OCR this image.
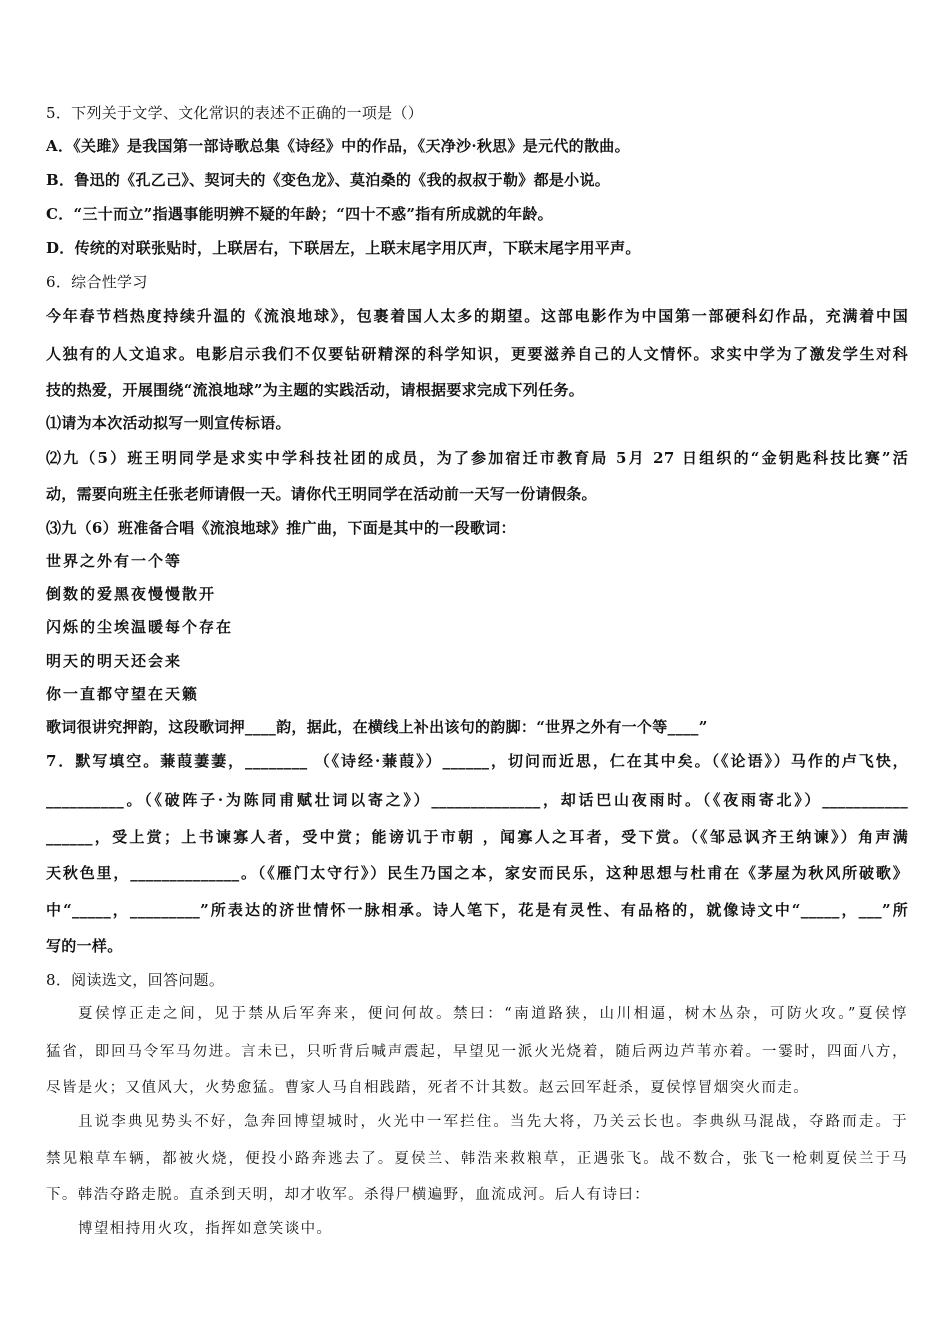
5．下列关于文学、文化常识的表述不正确的一项是（）

A．《关雎》是我国第一部诗歌总集《诗经》中的作品，《天净沙·秋思》是元代的散曲。

B．鲁迅的《孔乙己》、契诃夫的《变色龙》、莫泊桑的《我的叔叔于勒》都是小说。

C．“三十而立”指遇事能明辨不疑的年龄；“四十不惑”指有所成就的年龄。

D．传统的对联张贴时，上联居右，下联居左，上联末尾字用仄声，下联末尾字用平声。

6．综合性学习

今年春节档热度持续升温的《流浪地球》，包裹着国人太多的期望。这部电影作为中国第一部硬科幻作品，充满着中国

人独有的人文追求。电影启示我们不仅要钻研精深的科学知识，更要滋养自己的人文情怀。求实中学为了激发学生对科

技的热爱，开展围绕“流浪地球”为主题的实践活动，请根据要求完成下列任务。

⑴请为本次活动拟写一则宣传标语。

⑵九（5）班王明同学是求实中学科技社团的成员，为了参加宿迁市教育局 5月 27 日组织的“金钥匙科技比赛”活

动，需要向班主任张老师请假一天。请你代王明同学在活动前一天写一份请假条。

⑶九（6）班准备合唱《流浪地球》推广曲，下面是其中的一段歌词：

世界之外有一个等

倒数的爱黑夜慢慢散开

闪烁的尘埃温暖每个存在

明天的明天还会来

你一直都守望在天籁

歌词很讲究押韵，这段歌词押____韵，据此，在横线上补出该句的韵脚：“世界之外有一个等____”

7．默写填空。蒹葭萋萋，________ （《诗经·蒹葭》）______，切问而近思，仁在其中矣。（《论语》）马作的卢飞快，

__________。（《破阵子·为陈同甫赋壮词以寄之》）______________，却话巴山夜雨时。（《夜雨寄北》）___________

______，受上赏；上书谏寡人者，受中赏；能谤讥于市朝 ，闻寡人之耳者，受下赏。（《邹忌讽齐王纳谏》）角声满

天秋色里，______________。（《雁门太守行》）民生乃国之本，家安而民乐，这种思想与杜甫在《茅屋为秋风所破歌》

中“_____，_________”所表达的济世情怀一脉相承。诗人笔下，花是有灵性、有品格的，就像诗文中“_____，___”所

写的一样。

8．阅读选文，回答问题。

夏侯惇正走之间，见于禁从后军奔来，便问何故。禁曰：“南道路狭，山川相逼，树木丛杂，可防火攻。”夏侯惇

猛省，即回马令军马勿进。言未已，只听背后喊声震起，早望见一派火光烧着，随后两边芦苇亦着。一霎时，四面八方，

尽皆是火；又值风大，火势愈猛。曹家人马自相践踏，死者不计其数。赵云回军赶杀，夏侯惇冒烟突火而走。

且说李典见势头不好，急奔回博望城时，火光中一军拦住。当先大将，乃关云长也。李典纵马混战，夺路而走。于

禁见粮草车辆，都被火烧，便投小路奔逃去了。夏侯兰、韩浩来救粮草，正遇张飞。战不数合，张飞一枪刺夏侯兰于马

下。韩浩夺路走脱。直杀到天明，却才收军。杀得尸横遍野，血流成河。后人有诗曰：

博望相持用火攻，指挥如意笑谈中。
